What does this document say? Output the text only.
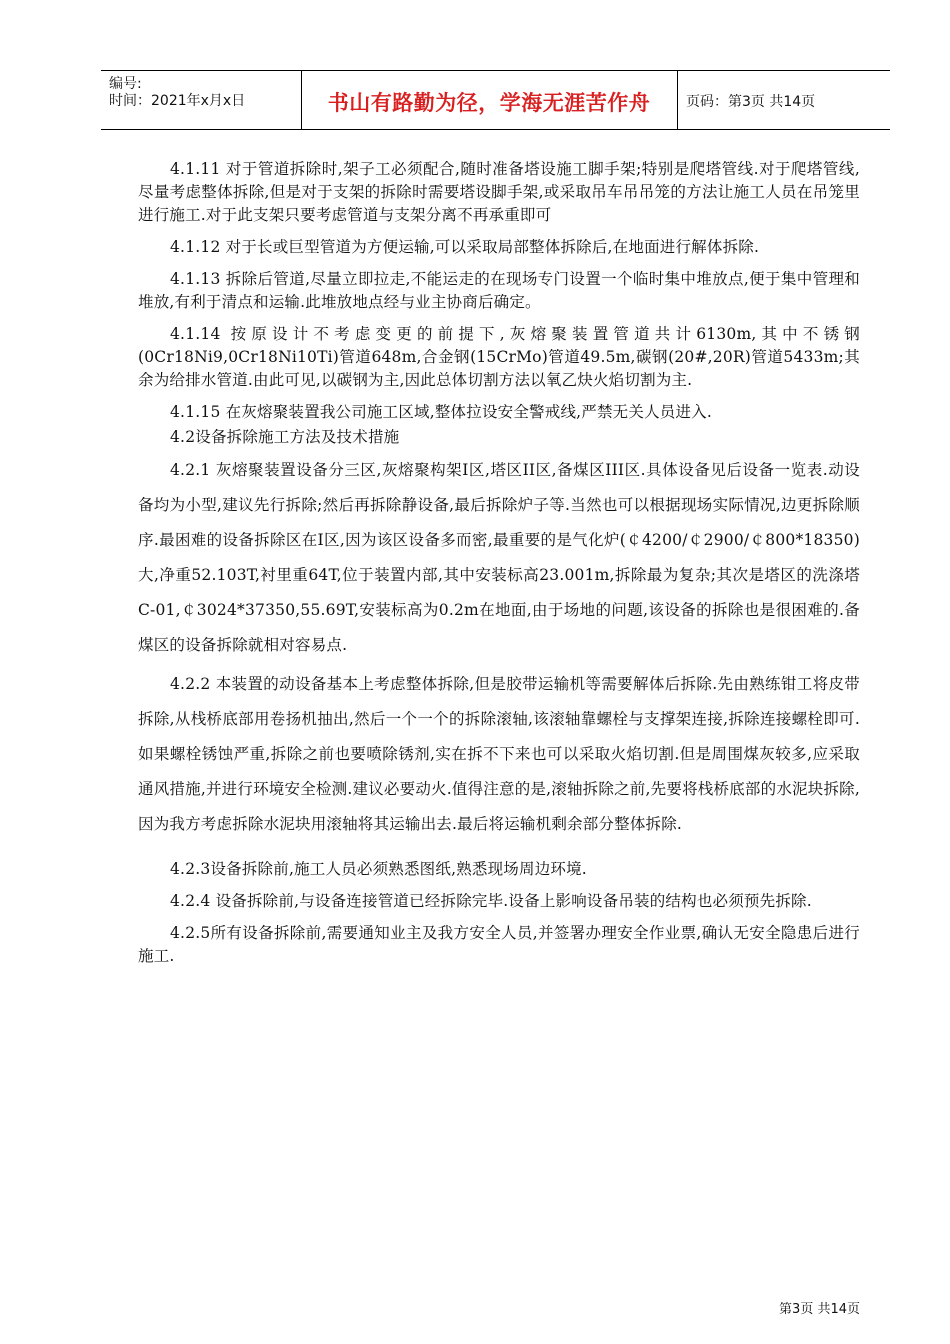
编号:
时间：2021年x月x日	书山有路勤为径，学海无涯苦作舟	页码：第3页 共14页

4.1.11 对于管道拆除时,架子工必须配合,随时准备塔设施工脚手架;特别是爬塔管线.对于爬塔管线,尽量考虑整体拆除,但是对于支架的拆除时需要塔设脚手架,或采取吊车吊吊笼的方法让施工人员在吊笼里进行施工.对于此支架只要考虑管道与支架分离不再承重即可

4.1.12 对于长或巨型管道为方便运输,可以采取局部整体拆除后,在地面进行解体拆除.

4.1.13 拆除后管道,尽量立即拉走,不能运走的在现场专门设置一个临时集中堆放点,便于集中管理和堆放,有利于清点和运输.此堆放地点经与业主协商后确定。

4.1.14 按原设计不考虑变更的前提下,灰熔聚装置管道共计6130m,其中不锈钢(0Cr18Ni9,0Cr18Ni10Ti)管道648m,合金钢(15CrMo)管道49.5m,碳钢(20#,20R)管道5433m;其余为给排水管道.由此可见,以碳钢为主,因此总体切割方法以氧乙炔火焰切割为主.

4.1.15 在灰熔聚装置我公司施工区域,整体拉设安全警戒线,严禁无关人员进入.

4.2设备拆除施工方法及技术措施

4.2.1 灰熔聚装置设备分三区,灰熔聚构架I区,塔区II区,备煤区III区.具体设备见后设备一览表.动设备均为小型,建议先行拆除;然后再拆除静设备,最后拆除炉子等.当然也可以根据现场实际情况,边更拆除顺序.最困难的设备拆除区在I区,因为该区设备多而密,最重要的是气化炉(￠4200/￠2900/￠800*18350)大,净重52.103T,衬里重64T,位于装置内部,其中安装标高23.001m,拆除最为复杂;其次是塔区的洗涤塔C-01,￠3024*37350,55.69T,安装标高为0.2m在地面,由于场地的问题,该设备的拆除也是很困难的.备煤区的设备拆除就相对容易点.

4.2.2 本装置的动设备基本上考虑整体拆除,但是胶带运输机等需要解体后拆除.先由熟练钳工将皮带拆除,从栈桥底部用卷扬机抽出,然后一个一个的拆除滚轴,该滚轴靠螺栓与支撑架连接,拆除连接螺栓即可.如果螺栓锈蚀严重,拆除之前也要喷除锈剂,实在拆不下来也可以采取火焰切割.但是周围煤灰较多,应采取通风措施,并进行环境安全检测.建议必要动火.值得注意的是,滚轴拆除之前,先要将栈桥底部的水泥块拆除,因为我方考虑拆除水泥块用滚轴将其运输出去.最后将运输机剩余部分整体拆除.

4.2.3设备拆除前,施工人员必须熟悉图纸,熟悉现场周边环境.

4.2.4 设备拆除前,与设备连接管道已经拆除完毕.设备上影响设备吊装的结构也必须预先拆除.

4.2.5所有设备拆除前,需要通知业主及我方安全人员,并签署办理安全作业票,确认无安全隐患后进行施工.

第3页 共14页
